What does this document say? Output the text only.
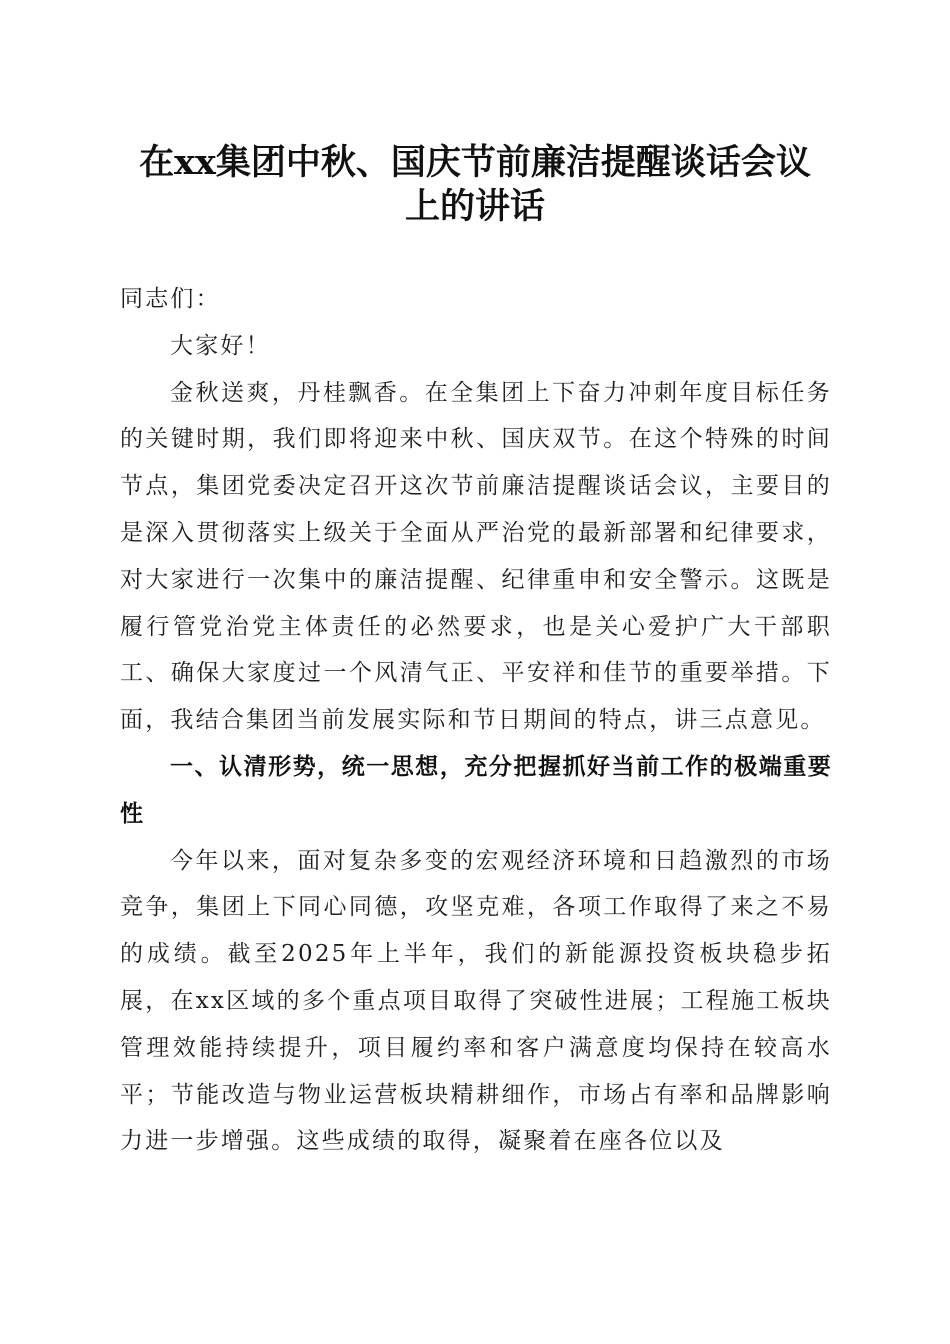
在xx集团中秋、国庆节前廉洁提醒谈话会议
上的讲话

同志们：

大家好！

金秋送爽，丹桂飘香。在全集团上下奋力冲刺年度目标任务的关键时期，我们即将迎来中秋、国庆双节。在这个特殊的时间节点，集团党委决定召开这次节前廉洁提醒谈话会议，主要目的是深入贯彻落实上级关于全面从严治党的最新部署和纪律要求，对大家进行一次集中的廉洁提醒、纪律重申和安全警示。这既是履行管党治党主体责任的必然要求，也是关心爱护广大干部职工、确保大家度过一个风清气正、平安祥和佳节的重要举措。下面，我结合集团当前发展实际和节日期间的特点，讲三点意见。

一、认清形势，统一思想，充分把握抓好当前工作的极端重要性

今年以来，面对复杂多变的宏观经济环境和日趋激烈的市场竞争，集团上下同心同德，攻坚克难，各项工作取得了来之不易的成绩。截至2025年上半年，我们的新能源投资板块稳步拓展，在xx区域的多个重点项目取得了突破性进展；工程施工板块管理效能持续提升，项目履约率和客户满意度均保持在较高水平；节能改造与物业运营板块精耕细作，市场占有率和品牌影响力进一步增强。这些成绩的取得，凝聚着在座各位以及
